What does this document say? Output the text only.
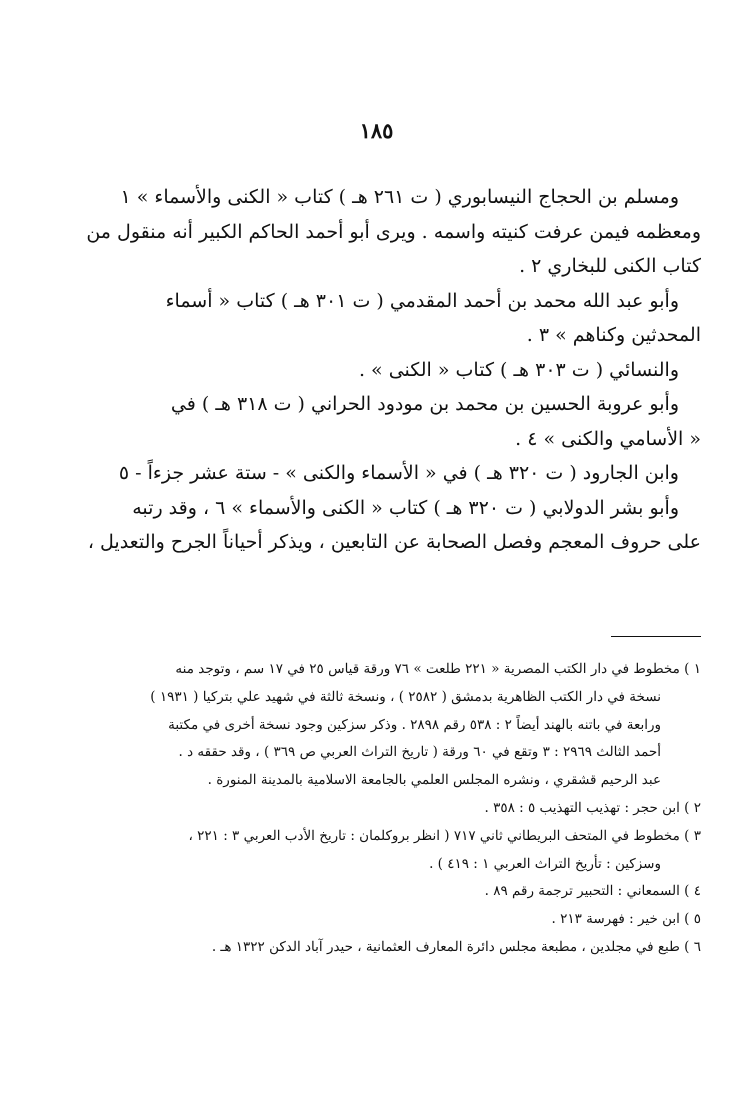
١٨٥
ومسلم بن الحجاج النيسابوري ( ت ٢٦١ هـ ) كتاب « الكنى والأسماء » ١
ومعظمه فيمن عرفت كنيته واسمه . ويرى أبو أحمد الحاكم الكبير أنه منقول من
كتاب الكنى للبخاري ٢ .
وأبو عبد الله محمد بن أحمد المقدمي ( ت ٣٠١ هـ ) كتاب « أسماء
المحدثين وكناهم » ٣ .
والنسائي ( ت ٣٠٣ هـ ) كتاب « الكنى » .
وأبو عروبة الحسين بن محمد بن مودود الحراني ( ت ٣١٨ هـ ) في
« الأسامي والكنى » ٤ .
وابن الجارود ( ت ٣٢٠ هـ ) في « الأسماء والكنى » - ستة عشر جزءاً - ٥
وأبو بشر الدولابي ( ت ٣٢٠ هـ ) كتاب « الكنى والأسماء » ٦ ، وقد رتبه
على حروف المعجم وفصل الصحابة عن التابعين ، ويذكر أحياناً الجرح والتعديل ،
١ ) مخطوط في دار الكتب المصرية « ٢٢١ طلعت » ٧٦ ورقة قياس ٢٥ في ١٧ سم ، وتوجد منه
نسخة في دار الكتب الظاهرية بدمشق ( ٢٥٨٢ ) ، ونسخة ثالثة في شهيد علي بتركيا ( ١٩٣١ )
ورابعة في باتنه بالهند أيضاً ٢ : ٥٣٨ رقم ٢٨٩٨ . وذكر سزكين وجود نسخة أخرى في مكتبة
أحمد الثالث ٢٩٦٩ : ٣ وتقع في ٦٠ ورقة ( تاريخ التراث العربي ص ٣٦٩ ) ، وقد حققه د .
عبد الرحيم قشقري ، ونشره المجلس العلمي بالجامعة الاسلامية بالمدينة المنورة .
٢ ) ابن حجر : تهذيب التهذيب ٥ : ٣٥٨ .
٣ ) مخطوط في المتحف البريطاني ثاني ٧١٧ ( انظر بروكلمان : تاريخ الأدب العربي ٣ : ٢٢١ ،
وسزكين : تأريخ التراث العربي ١ : ٤١٩ ) .
٤ ) السمعاني : التحبير ترجمة رقم ٨٩ .
٥ ) ابن خير : فهرسة ٢١٣ .
٦ ) طبع في مجلدين ، مطبعة مجلس دائرة المعارف العثمانية ، حيدر آباد الدكن ١٣٢٢ هـ .
